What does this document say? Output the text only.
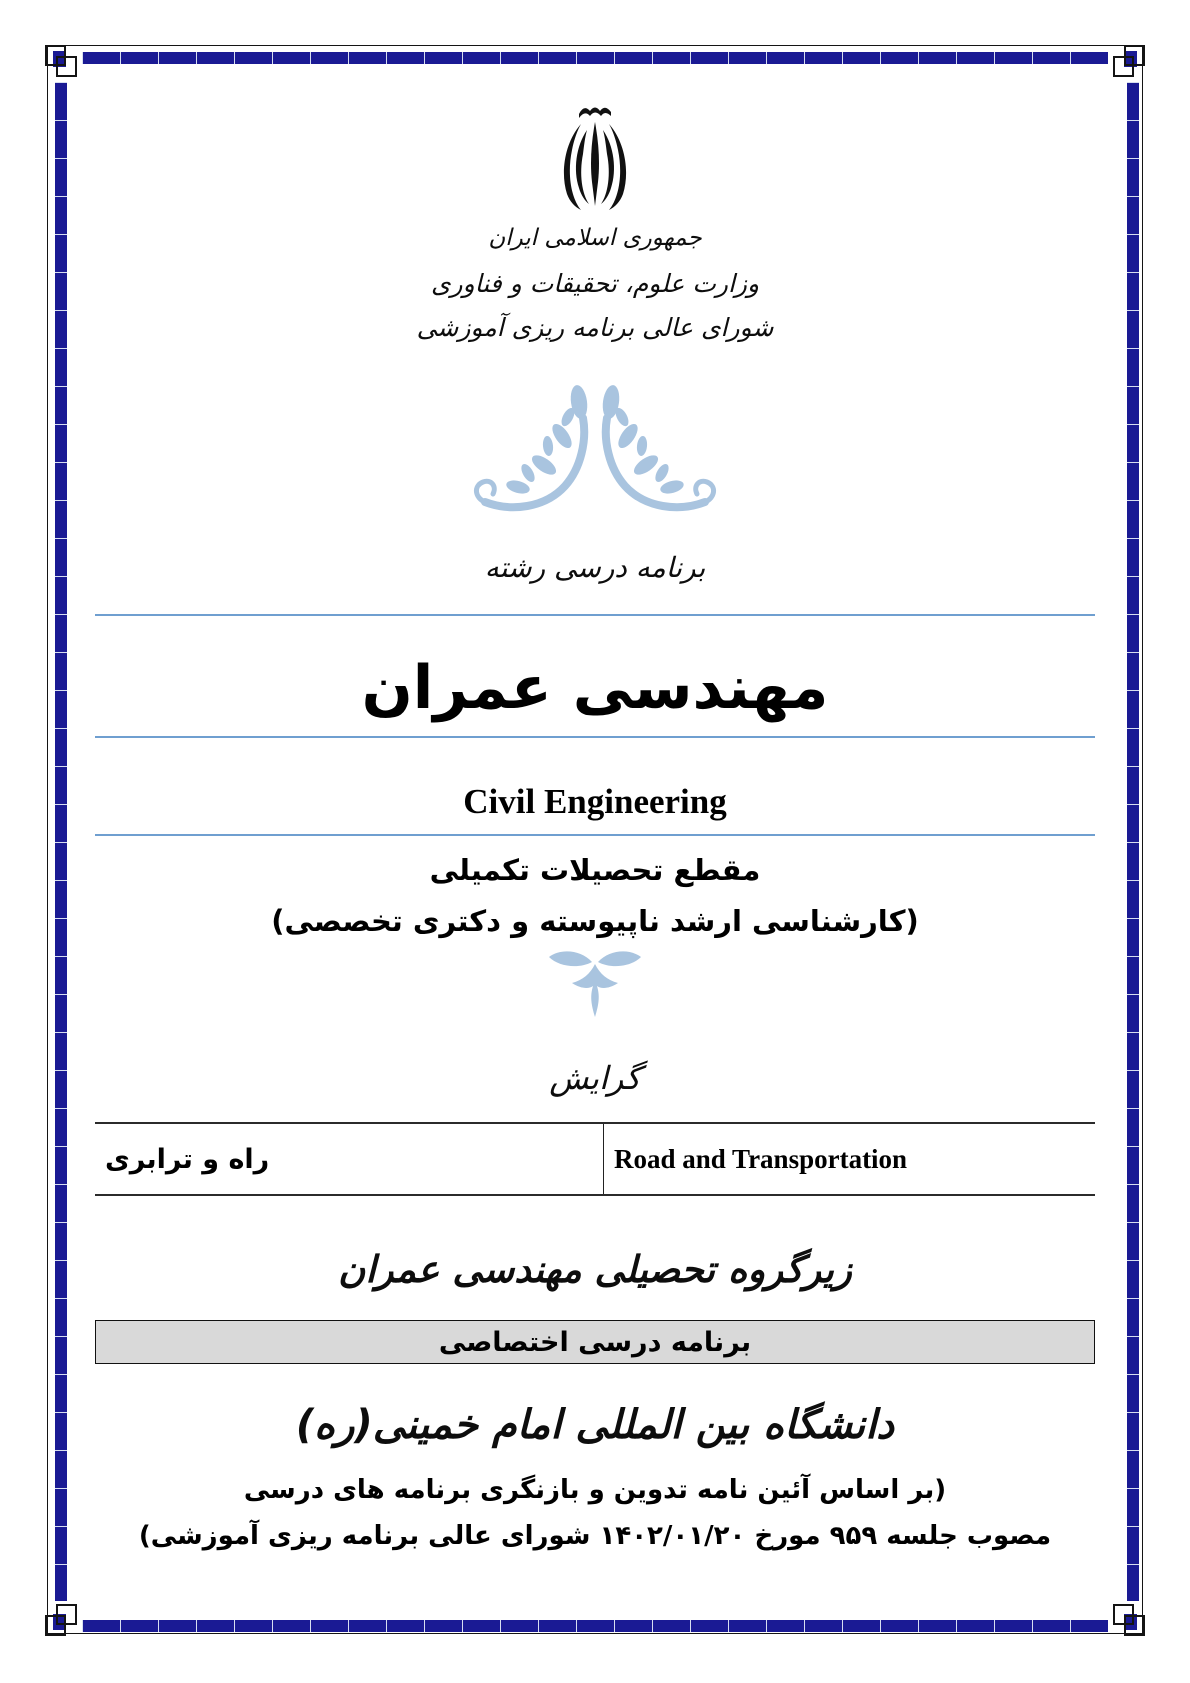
جمهوری اسلامی ایران
وزارت علوم، تحقیقات و فناوری
شورای عالی برنامه ریزی آموزشی
برنامه درسی رشته
مهندسی عمران
Civil Engineering
مقطع تحصیلات تکمیلی
(کارشناسی ارشد ناپیوسته و دکتری تخصصی)
گرایش
راه و ترابری	Road and Transportation
زیرگروه تحصیلی مهندسی عمران
برنامه درسی اختصاصی
دانشگاه بین المللی امام خمینی(ره)
(بر اساس آئین نامه تدوین و بازنگری برنامه های درسی
مصوب جلسه ۹۵۹ مورخ ۱۴۰۲/۰۱/۲۰ شورای عالی برنامه ریزی آموزشی)
